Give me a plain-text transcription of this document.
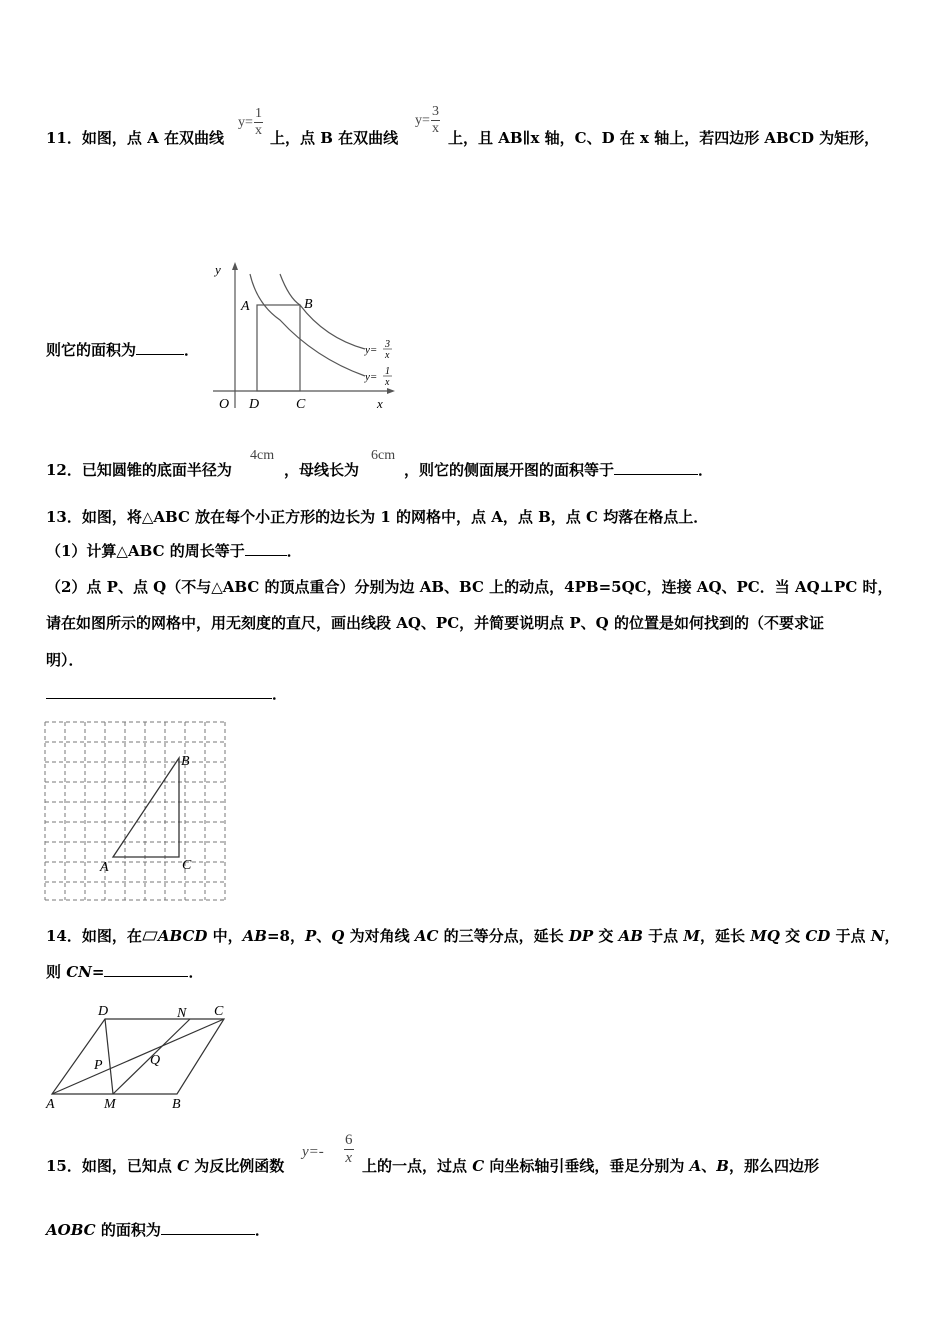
11．如图，点 A 在双曲线
y=
1
x 上，点 B 在双曲线
y=
3
x
上，且 AB∥x 轴，C、D 在 x 轴上，若四边形 ABCD 为矩形，
则它的面积为	．
y
x
O
A	B
C
D
y= 3
x
y= 1
x
12．已知圆锥的底面半径为
4cm
，母线长为
6cm
，则它的侧面展开图的面积等于	．
13．如图，将△ABC 放在每个小正方形的边长为 1 的网格中，点 A，点 B，点 C 均落在格点上．
（1）计算△ABC 的周长等于	．
（2）点 P、点 Q（不与△ABC 的顶点重合）分别为边 AB、BC 上的动点，4PB=5QC，连接 AQ、PC．当 AQ⊥PC 时，
请在如图所示的网格中，用无刻度的直尺，画出线段 AQ、PC，并简要说明点 P、Q 的位置是如何找到的（不要求证
明）．
．
A
B
C
14．如图，在 ABCD 中，AB=8，P、Q 为对角线 AC 的三等分点，延长 DP 交 AB 于点 M，延长 MQ 交 CD 于点 N，
则 CN=	．
A	B
C
D
M
N
P	Q
15．如图，已知点 C 为反比例函数
y=-
6
x 上的一点，过点 C 向坐标轴引垂线，垂足分别为 A、B，那么四边形
AOBC 的面积为	．
